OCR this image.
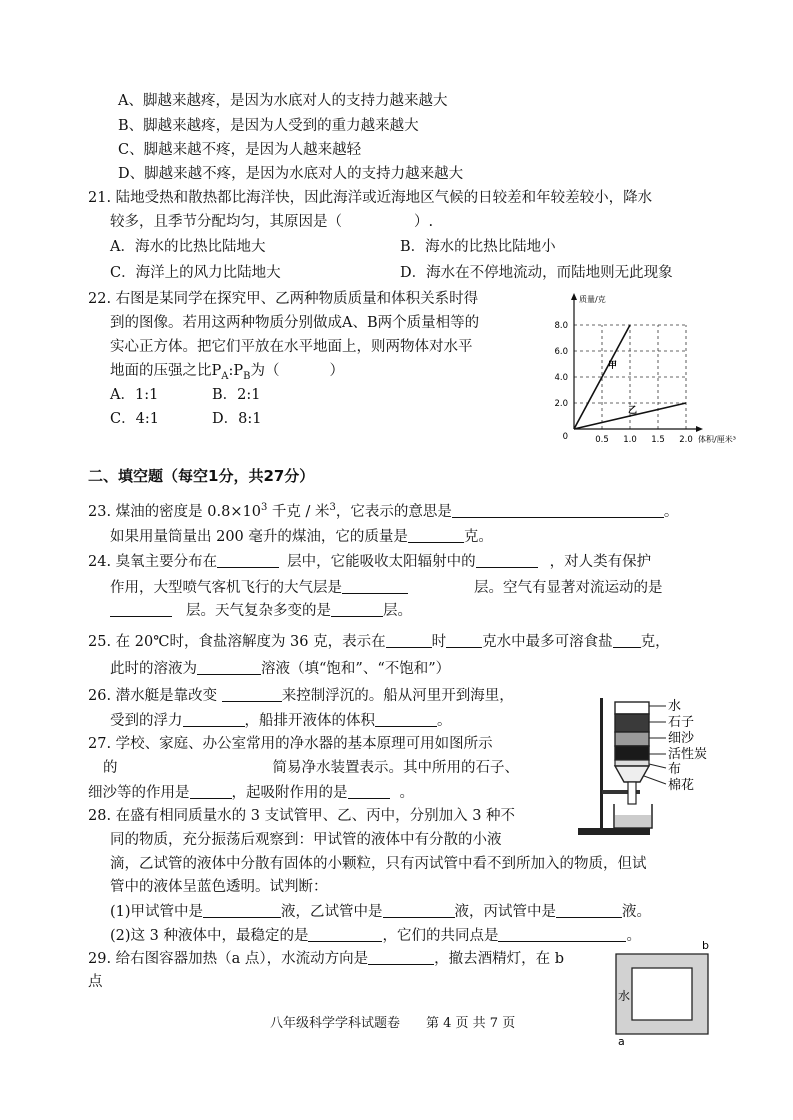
A、脚越来越疼，是因为水底对人的支持力越来越大
B、脚越来越疼，是因为人受到的重力越来越大
C、脚越来越不疼，是因为人越来越轻
D、脚越来越不疼，是因为水底对人的支持力越来越大
21. 陆地受热和散热都比海洋快，因此海洋或近海地区气候的日较差和年较差较小，降水
较多，且季节分配均匀，其原因是（	）.
A．海水的比热比陆地大	B．海水的比热比陆地小
C．海洋上的风力比陆地大	D．海水在不停地流动，而陆地则无此现象
22. 右图是某同学在探究甲、乙两种物质质量和体积关系时得
到的图像。若用这两种物质分别做成A、B两个质量相等的
实心正方体。把它们平放在水平地面上，则两物体对水平
地面的压强之比$P_A:P_B$为（	）
A．1:1	B．2:1
C．4:1	D．8:1
0.5 1.0 1.5 2.0
2.0
4.0
6.0
8.0
质量/克
体积/厘米³
0
甲
乙
二、填空题（每空1分，共27分）
23. 煤油的密度是 $0.8\times 10^3$ 千克 / 米$^3$，它表示的意思是	。
如果用量筒量出 200 毫升的煤油，它的质量是	克。
24. 臭氧主要分布在	层中，它能吸收太阳辐射中的	，对人类有保护
作用，大型喷气客机飞行的大气层是	层。空气有显著对流运动的是
层。天气复杂多变的是	层。
25. 在 20℃时，食盐溶解度为 36 克，表示在	时 克水中最多可溶食盐 克，
此时的溶液为	溶液（填“饱和”、“不饱和”）
26. 潜水艇是靠改变	来控制浮沉的。船从河里开到海里，
受到的浮力	，船排开液体的体积	。
27. 学校、家庭、办公室常用的净水器的基本原理可用如图所示
的	简易净水装置表示。其中所用的石子、
细沙等的作用是	，起吸附作用的是	。
水
石子
细沙
活性炭
布
棉花
28. 在盛有相同质量水的 3 支试管甲、乙、丙中，分别加入 3 种不
同的物质，充分振荡后观察到：甲试管的液体中有分散的小液
滴，乙试管的液体中分散有固体的小颗粒，只有丙试管中看不到所加入的物质，但试
管中的液体呈蓝色透明。试判断：
(1)甲试管中是	液，乙试管中是	液，丙试管中是	液。
(2)这 3 种液体中，最稳定的是	，它们的共同点是	。
29. 给右图容器加热（a 点），水流动方向是	，撤去酒精灯，在 b
点
b
水
a
八年级科学学科试题卷 第 4 页 共 7 页
